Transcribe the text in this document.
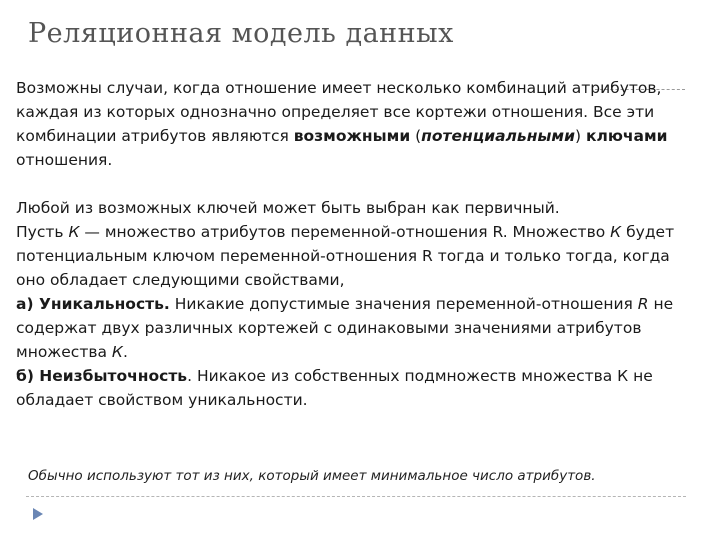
Реляционная модель данных

Возможны случаи, когда отношение имеет несколько комбинаций атрибутов, каждая из которых однозначно определяет все кортежи отношения. Все эти комбинации атрибутов являются возможными (потенциальными) ключами отношения.

Любой из возможных ключей может быть выбран как первичный.
Пусть К — множество атрибутов переменной-отношения R. Множество К будет потенциальным ключом переменной-отношения R тогда и только тогда, когда оно обладает следующими свойствами,
а) Уникальность. Никакие допустимые значения переменной-отношения R не содержат двух различных кортежей с одинаковыми значениями атрибутов множества К.
б) Неизбыточность. Никакое из собственных подмножеств множества К не обладает свойством уникальности.

Обычно используют тот из них, который имеет минимальное число атрибутов.
